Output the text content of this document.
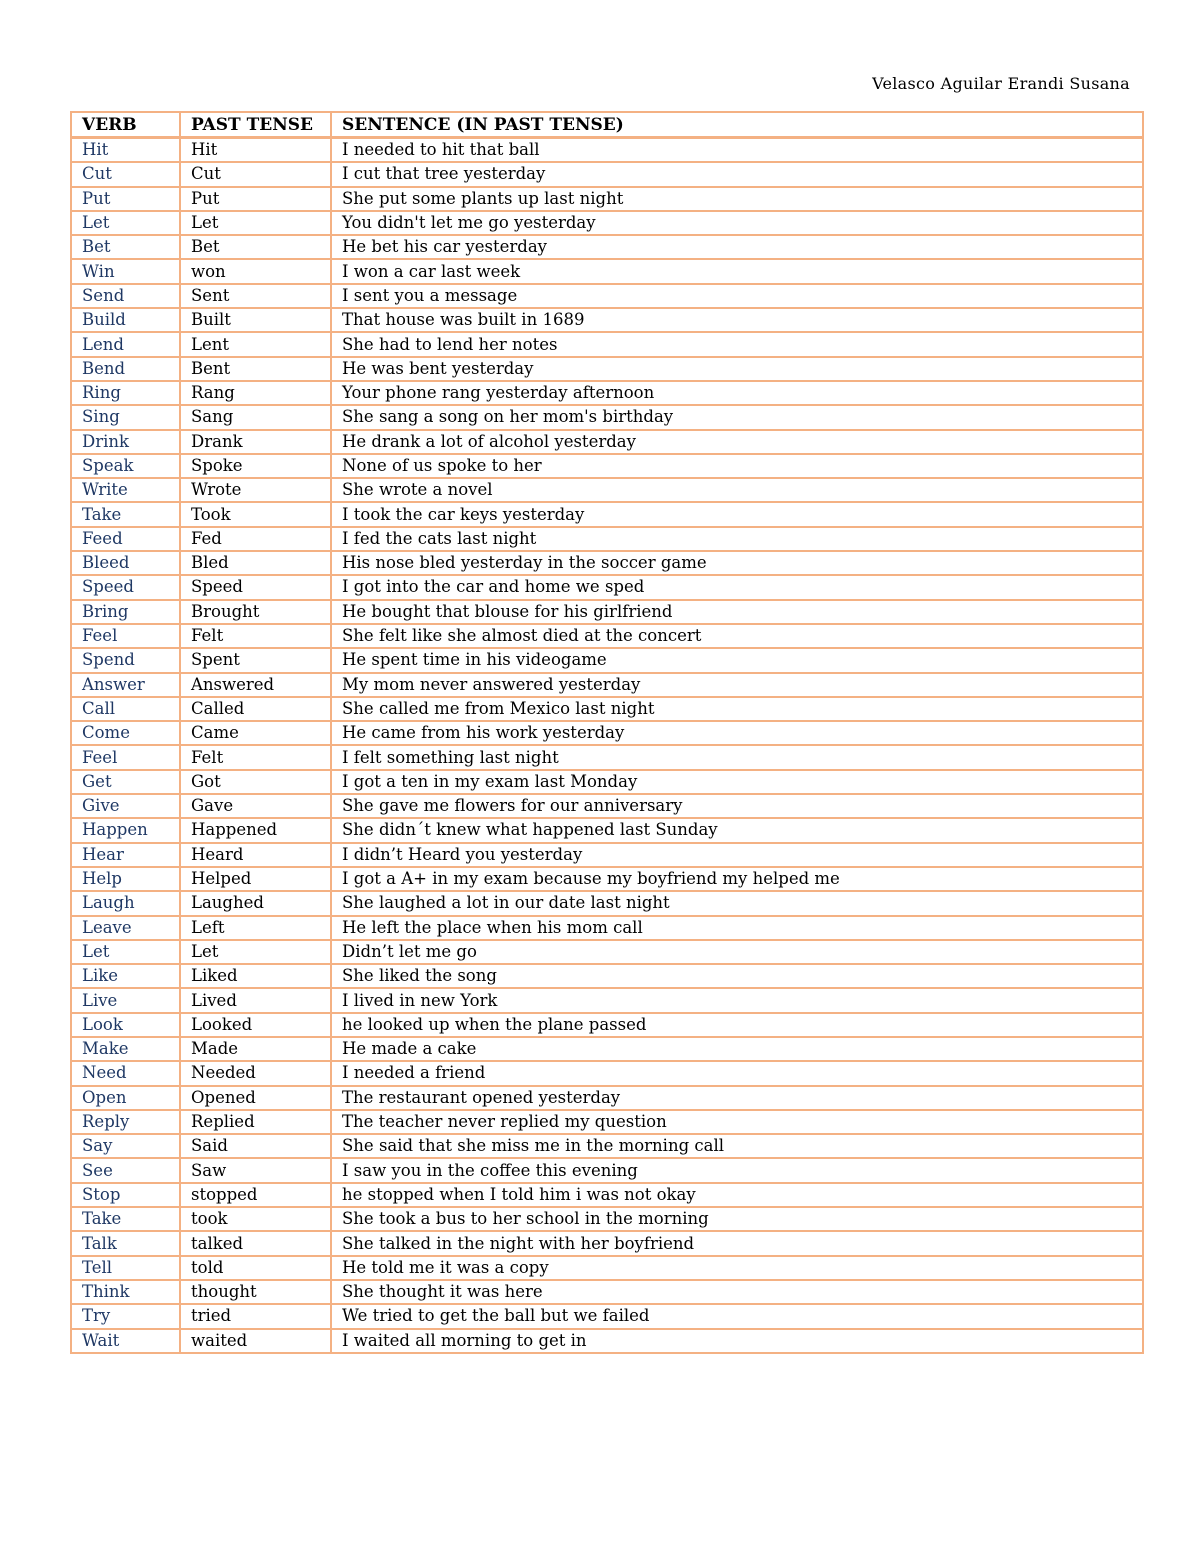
Velasco Aguilar Erandi Susana
VERB	PAST TENSE	SENTENCE (IN PAST TENSE)
Hit	Hit	I needed to hit that ball
Cut	Cut	I cut that tree yesterday
Put	Put	She put some plants up last night
Let	Let	You didn't let me go yesterday
Bet	Bet	He bet his car yesterday
Win	won	I won a car last week
Send	Sent	I sent you a message
Build	Built	That house was built in 1689
Lend	Lent	She had to lend her notes
Bend	Bent	He was bent yesterday
Ring	Rang	Your phone rang yesterday afternoon
Sing	Sang	She sang a song on her mom's birthday
Drink	Drank	He drank a lot of alcohol yesterday
Speak	Spoke	None of us spoke to her
Write	Wrote	She wrote a novel
Take	Took	I took the car keys yesterday
Feed	Fed	I fed the cats last night
Bleed	Bled	His nose bled yesterday in the soccer game
Speed	Speed	I got into the car and home we sped
Bring	Brought	He bought that blouse for his girlfriend
Feel	Felt	She felt like she almost died at the concert
Spend	Spent	He spent time in his videogame
Answer	Answered	My mom never answered yesterday
Call	Called	She called me from Mexico last night
Come	Came	He came from his work yesterday
Feel	Felt	I felt something last night
Get	Got	I got a ten in my exam last Monday
Give	Gave	She gave me flowers for our anniversary
Happen	Happened	She didn´t knew what happened last Sunday
Hear	Heard	I didn’t Heard you yesterday
Help	Helped	I got a A+ in my exam because my boyfriend my helped me
Laugh	Laughed	She laughed a lot in our date last night
Leave	Left	He left the place when his mom call
Let	Let	Didn’t let me go
Like	Liked	She liked the song
Live	Lived	I lived in new York
Look	Looked	he looked up when the plane passed
Make	Made	He made a cake
Need	Needed	I needed a friend
Open	Opened	The restaurant opened yesterday
Reply	Replied	The teacher never replied my question
Say	Said	She said that she miss me in the morning call
See	Saw	I saw you in the coffee this evening
Stop	stopped	he stopped when I told him i was not okay
Take	took	She took a bus to her school in the morning
Talk	talked	She talked in the night with her boyfriend
Tell	told	He told me it was a copy
Think	thought	She thought it was here
Try	tried	We tried to get the ball but we failed
Wait	waited	I waited all morning to get in
